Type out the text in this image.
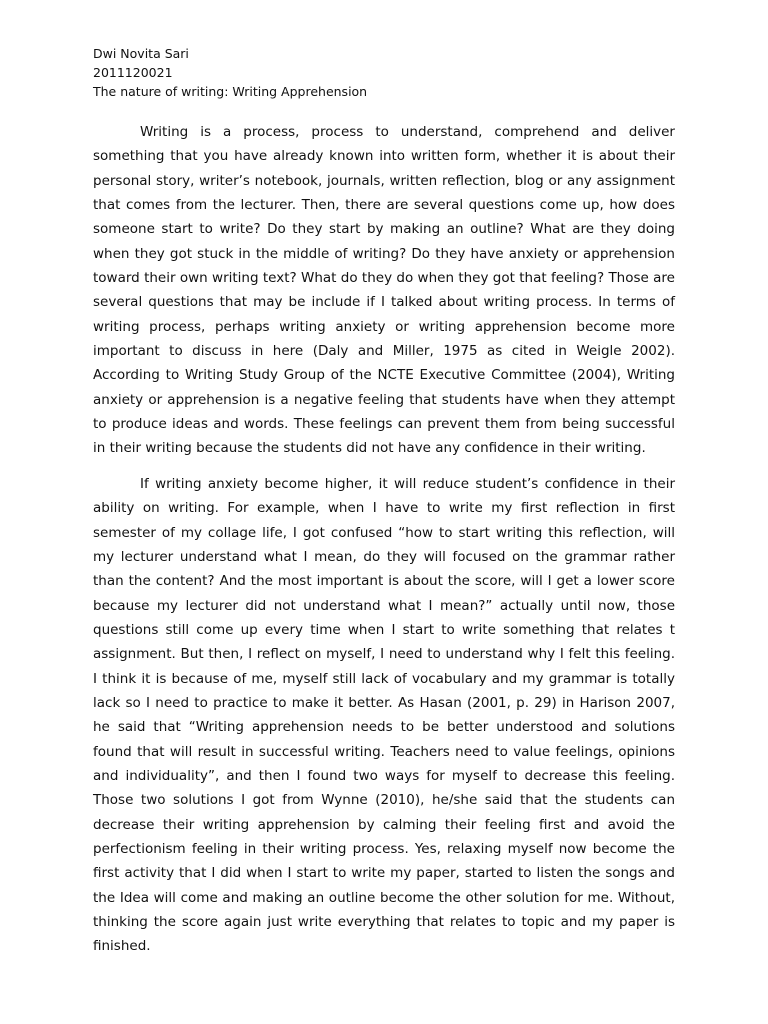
Dwi Novita Sari
2011120021
The nature of writing: Writing Apprehension

Writing is a process, process to understand, comprehend and deliver something that you have already known into written form, whether it is about their personal story, writer’s notebook, journals, written reflection, blog or any assignment that comes from the lecturer. Then, there are several questions come up, how does someone start to write? Do they start by making an outline? What are they doing when they got stuck in the middle of writing? Do they have anxiety or apprehension toward their own writing text? What do they do when they got that feeling? Those are several questions that may be include if I talked about writing process. In terms of writing process, perhaps writing anxiety or writing apprehension become more important to discuss in here (Daly and Miller, 1975 as cited in Weigle 2002). According to Writing Study Group of the NCTE Executive Committee (2004), Writing anxiety or apprehension is a negative feeling that students have when they attempt to produce ideas and words. These feelings can prevent them from being successful in their writing because the students did not have any confidence in their writing.

If writing anxiety become higher, it will reduce student’s confidence in their ability on writing. For example, when I have to write my first reflection in first semester of my collage life, I got confused “how to start writing this reflection, will my lecturer understand what I mean, do they will focused on the grammar rather than the content? And the most important is about the score, will I get a lower score because my lecturer did not understand what I mean?” actually until now, those questions still come up every time when I start to write something that relates t assignment. But then, I reflect on myself, I need to understand why I felt this feeling. I think it is because of me, myself still lack of vocabulary and my grammar is totally lack so I need to practice to make it better. As Hasan (2001, p. 29) in Harison 2007, he said that “Writing apprehension needs to be better understood and solutions found that will result in successful writing. Teachers need to value feelings, opinions and individuality”, and then I found two ways for myself to decrease this feeling. Those two solutions I got from Wynne (2010), he/she said that the students can decrease their writing apprehension by calming their feeling first and avoid the perfectionism feeling in their writing process. Yes, relaxing myself now become the first activity that I did when I start to write my paper, started to listen the songs and the Idea will come and making an outline become the other solution for me. Without, thinking the score again just write everything that relates to topic and my paper is finished.
